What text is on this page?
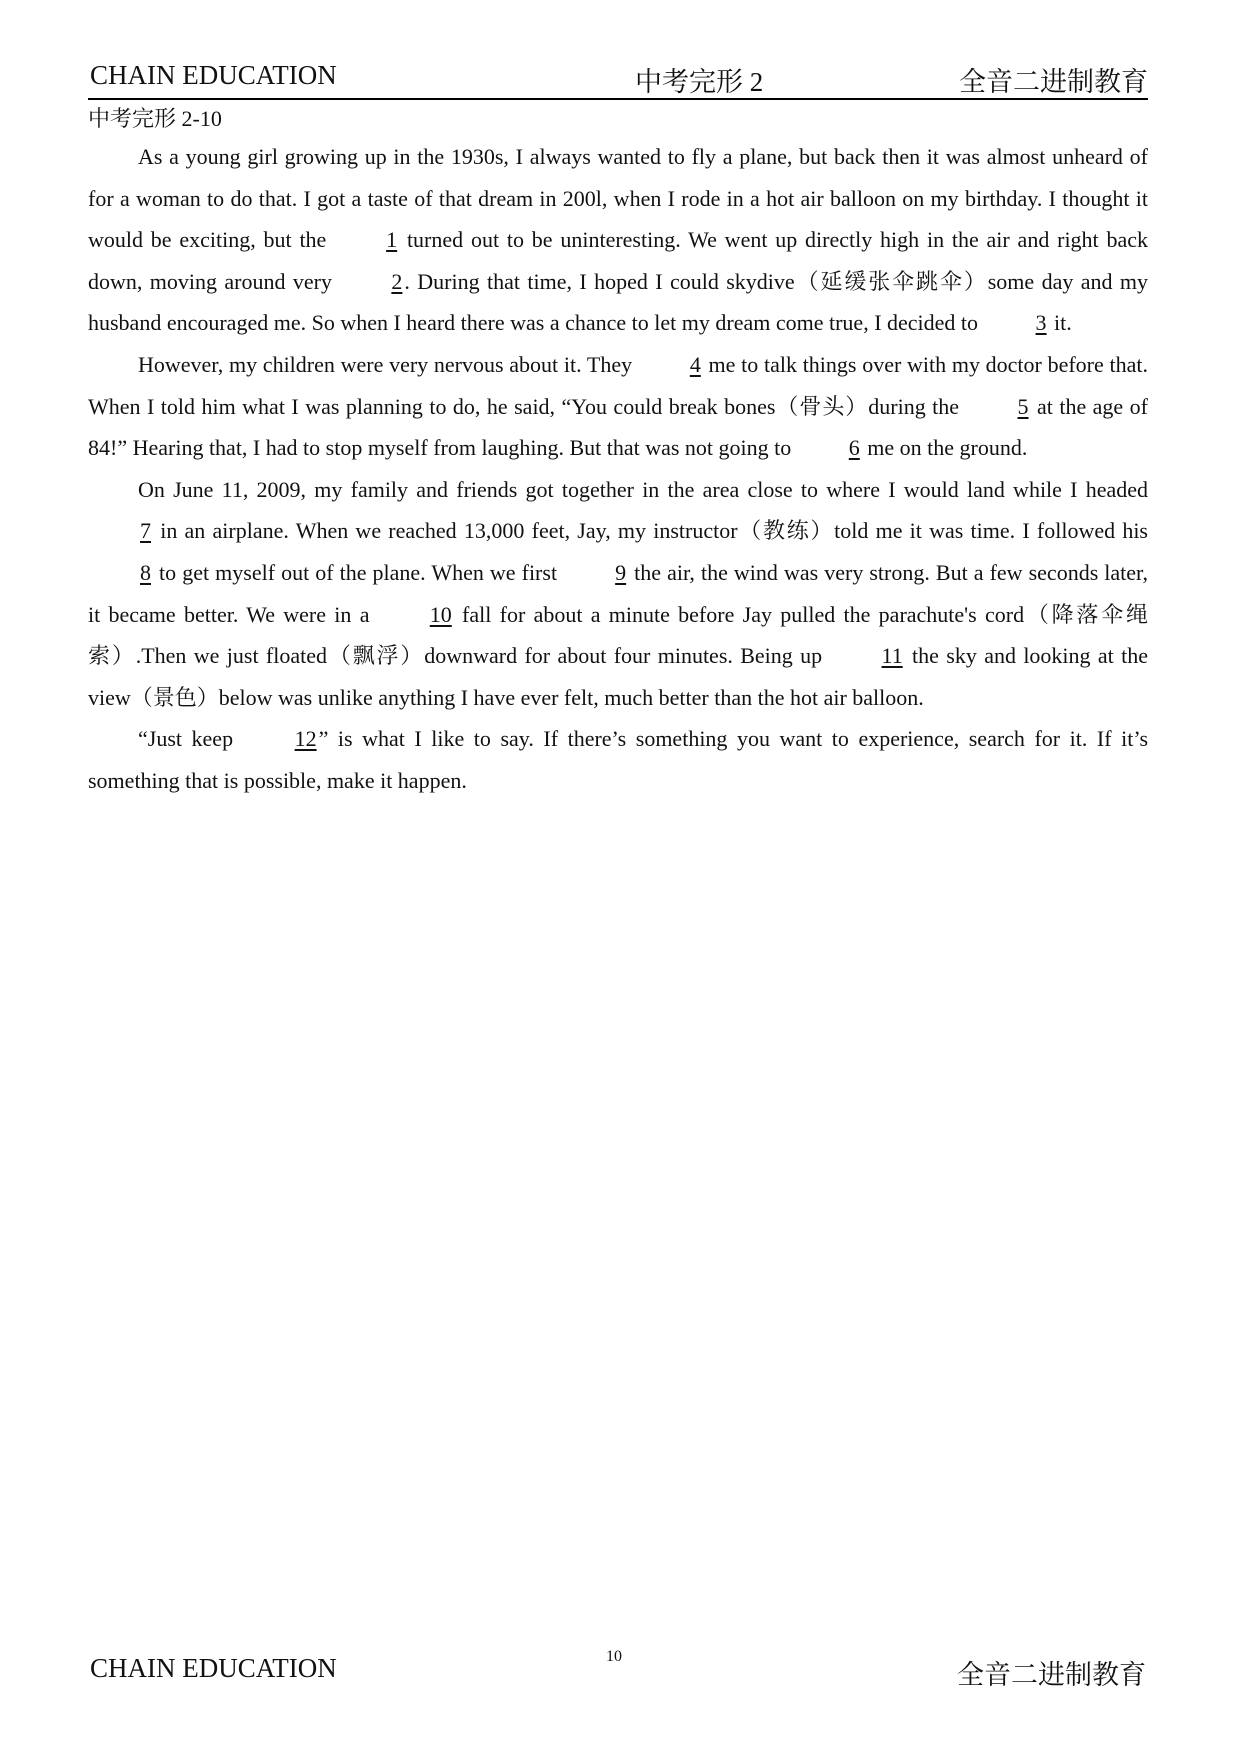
CHAIN EDUCATION	中考完形 2	全音二进制教育
中考完形 2-10

As a young girl growing up in the 1930s, I always wanted to fly a plane, but back then it was almost unheard of for a woman to do that. I got a taste of that dream in 200l, when I rode in a hot air balloon on my birthday. I thought it would be exciting, but the 1 turned out to be uninteresting. We went up directly high in the air and right back down, moving around very 2. During that time, I hoped I could skydive（延缓张伞跳伞）some day and my husband encouraged me. So when I heard there was a chance to let my dream come true, I decided to 3 it.

However, my children were very nervous about it. They 4 me to talk things over with my doctor before that. When I told him what I was planning to do, he said, “You could break bones（骨头）during the 5 at the age of 84!” Hearing that, I had to stop myself from laughing. But that was not going to 6 me on the ground.

On June 11, 2009, my family and friends got together in the area close to where I would land while I headed 7 in an airplane. When we reached 13,000 feet, Jay, my instructor（教练）told me it was time. I followed his 8 to get myself out of the plane. When we first 9 the air, the wind was very strong. But a few seconds later, it became better. We were in a 10 fall for about a minute before Jay pulled the parachute's cord（降落伞绳索）.Then we just floated（飘浮）downward for about four minutes. Being up 11 the sky and looking at the view（景色）below was unlike anything I have ever felt, much better than the hot air balloon.

“Just keep 12” is what I like to say. If there’s something you want to experience, search for it. If it’s something that is possible, make it happen.

CHAIN EDUCATION	全音二进制教育
10
